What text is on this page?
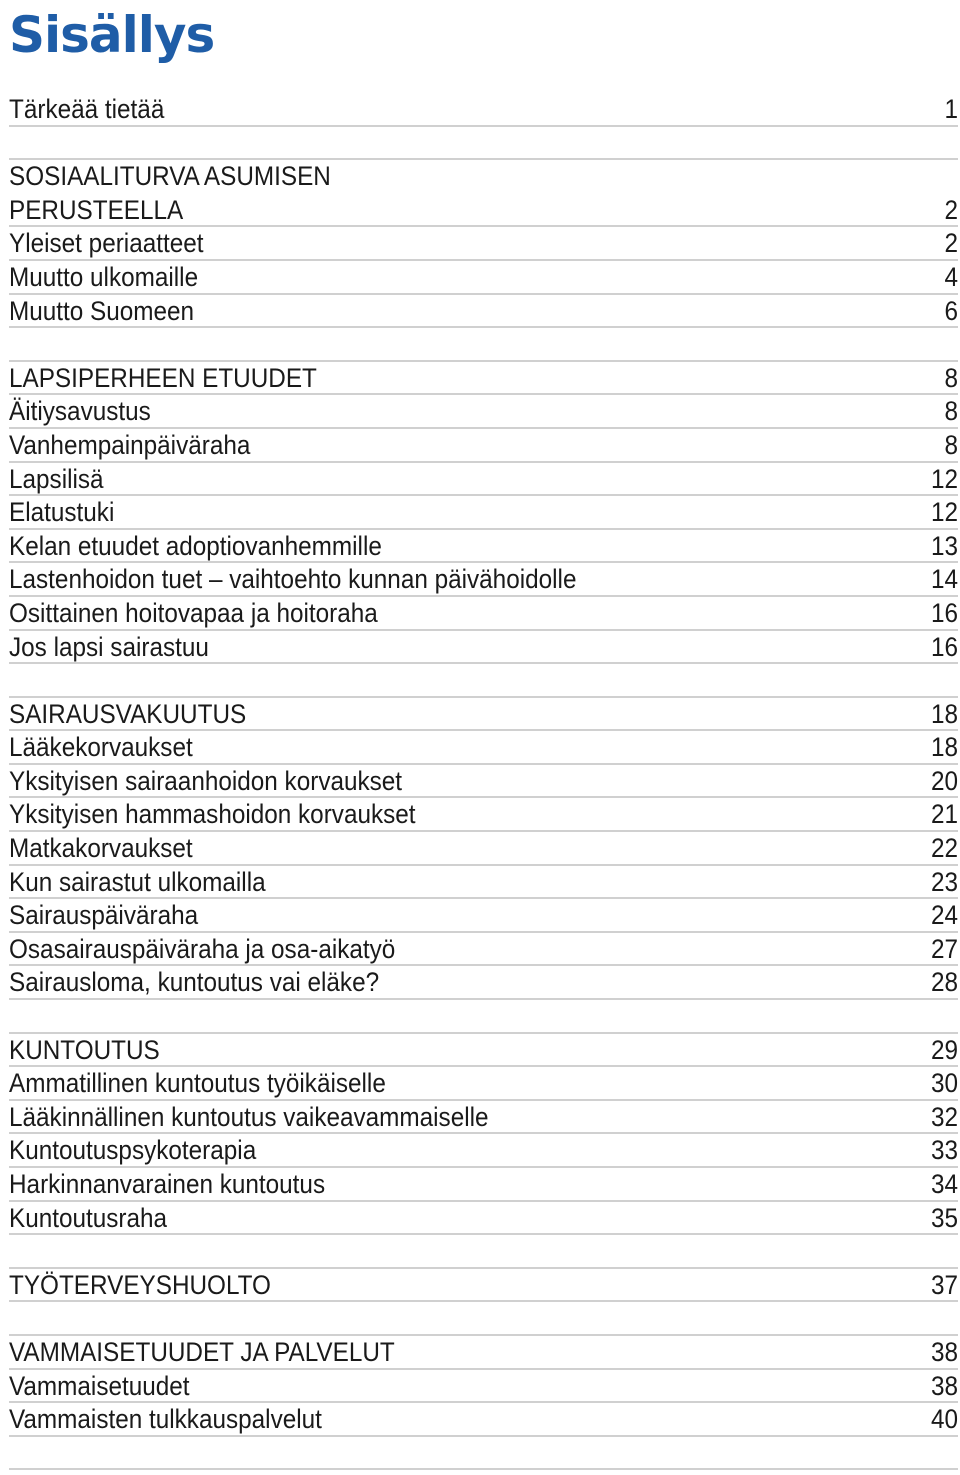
Sisällys
Tärkeää tietää	1
SOSIAALITURVA ASUMISEN
PERUSTEELLA	2
Yleiset periaatteet	2
Muutto ulkomaille	4
Muutto Suomeen	6
LAPSIPERHEEN ETUUDET	8
Äitiysavustus	8
Vanhempainpäiväraha	8
Lapsilisä	12
Elatustuki	12
Kelan etuudet adoptiovanhemmille	13
Lastenhoidon tuet – vaihtoehto kunnan päivähoidolle	14
Osittainen hoitovapaa ja hoitoraha	16
Jos lapsi sairastuu	16
SAIRAUSVAKUUTUS	18
Lääkekorvaukset	18
Yksityisen sairaanhoidon korvaukset	20
Yksityisen hammashoidon korvaukset	21
Matkakorvaukset	22
Kun sairastut ulkomailla	23
Sairauspäiväraha	24
Osasairauspäiväraha ja osa-aikatyö	27
Sairausloma, kuntoutus vai eläke?	28
KUNTOUTUS	29
Ammatillinen kuntoutus työikäiselle	30
Lääkinnällinen kuntoutus vaikeavammaiselle	32
Kuntoutuspsykoterapia	33
Harkinnanvarainen kuntoutus	34
Kuntoutusraha	35
TYÖTERVEYSHUOLTO	37
VAMMAISETUUDET JA PALVELUT	38
Vammaisetuudet	38
Vammaisten tulkkauspalvelut	40
